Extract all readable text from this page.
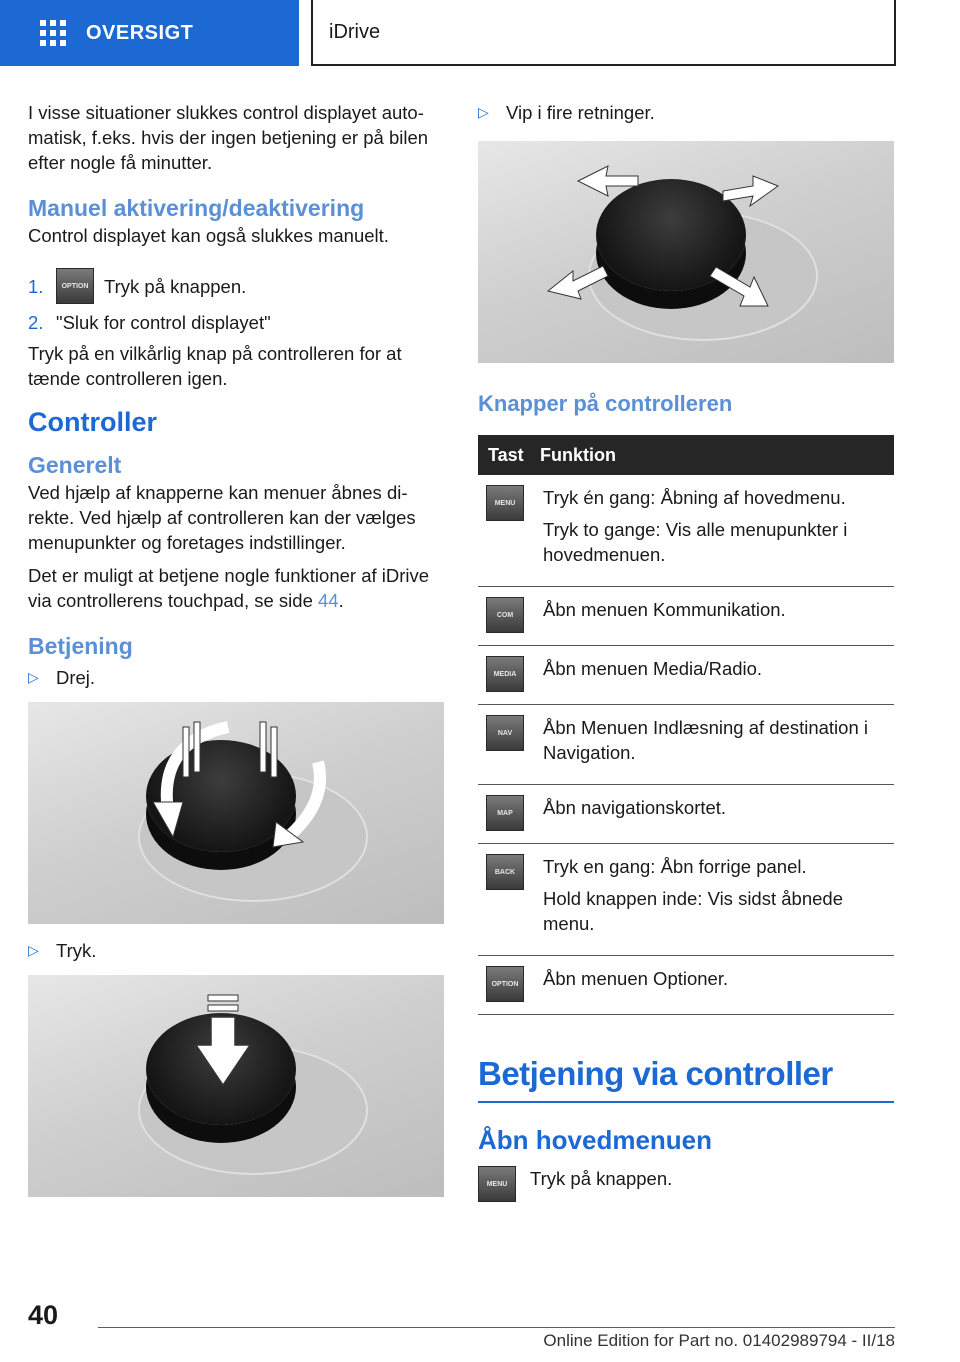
OVERSIGT	iDrive

I visse situationer slukkes control displayet auto-matisk, f.eks. hvis der ingen betjening er på bilen efter nogle få minutter.

Manuel aktivering/deaktivering

Control displayet kan også slukkes manuelt.

1.	OPTION Tryk på knappen.
2. "Sluk for control displayet"

Tryk på en vilkårlig knap på controlleren for at tænde controlleren igen.

Controller
Generelt

Ved hjælp af knapperne kan menuer åbnes di-rekte. Ved hjælp af controlleren kan der vælges menupunkter og foretages indstillinger.

Det er muligt at betjene nogle funktioner af iDrive via controllerens touchpad, se side 44.

Betjening
▷ Drej.
▷ Tryk.
▷ Vip i fire retninger.
Knapper på controlleren
Tast Funktion
MENU	Tryk én gang: Åbning af hovedmenu.

Tryk to gange: Vis alle menupunkter i hovedmenuen.

COM	Åbn menuen Kommunikation.

MEDIA	Åbn menuen Media/Radio.

NAV	Åbn Menuen Indlæsning af destination i Navigation.

MAP	Åbn navigationskortet.

BACK	Tryk en gang: Åbn forrige panel.

Hold knappen inde: Vis sidst åbnede menu.

OPTION	Åbn menuen Optioner.

Betjening via controller
Åbn hovedmenuen
MENU	Tryk på knappen.
40
Online Edition for Part no. 01402989794 - II/18
